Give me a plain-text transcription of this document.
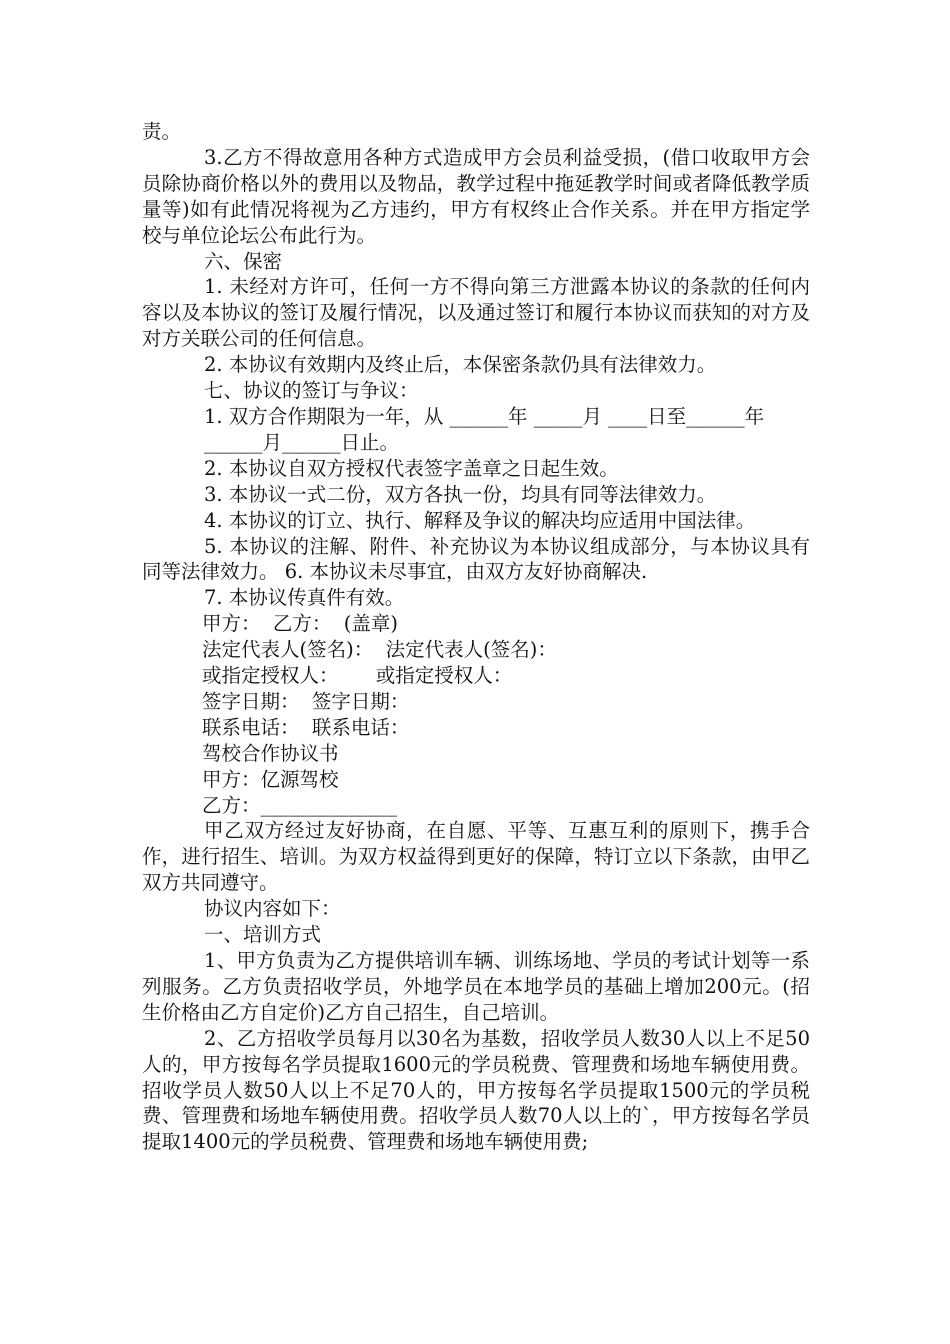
责。

3.乙方不得故意用各种方式造成甲方会员利益受损，(借口收取甲方会员除协商价格以外的费用以及物品，教学过程中拖延教学时间或者降低教学质量等)如有此情况将视为乙方违约，甲方有权终止合作关系。并在甲方指定学校与单位论坛公布此行为。

六、保密

1. 未经对方许可，任何一方不得向第三方泄露本协议的条款的任何内容以及本协议的签订及履行情况，以及通过签订和履行本协议而获知的对方及对方关联公司的任何信息。

2. 本协议有效期内及终止后，本保密条款仍具有法律效力。

七、协议的签订与争议：

1. 双方合作期限为一年，从 ______年 _____月 ____日至______年

______月______日止。

2. 本协议自双方授权代表签字盖章之日起生效。

3. 本协议一式二份，双方各执一份，均具有同等法律效力。

4. 本协议的订立、执行、解释及争议的解决均应适用中国法律。

5. 本协议的注解、附件、补充协议为本协议组成部分，与本协议具有同等法律效力。 6. 本协议未尽事宜，由双方友好协商解决.

7. 本协议传真件有效。

甲方：  乙方：  (盖章)

法定代表人(签名)：  法定代表人(签名)：

或指定授权人：      或指定授权人：

签字日期：  签字日期：

联系电话：  联系电话：

驾校合作协议书

甲方：亿源驾校

乙方：______________

甲乙双方经过友好协商，在自愿、平等、互惠互利的原则下，携手合作，进行招生、培训。为双方权益得到更好的保障，特订立以下条款，由甲乙双方共同遵守。

协议内容如下：

一、培训方式

1、甲方负责为乙方提供培训车辆、训练场地、学员的考试计划等一系列服务。乙方负责招收学员，外地学员在本地学员的基础上增加200元。(招生价格由乙方自定价)乙方自己招生，自己培训。

2、乙方招收学员每月以30名为基数，招收学员人数30人以上不足50人的，甲方按每名学员提取1600元的学员税费、管理费和场地车辆使用费。招收学员人数50人以上不足70人的，甲方按每名学员提取1500元的学员税费、管理费和场地车辆使用费。招收学员人数70人以上的`，甲方按每名学员提取1400元的学员税费、管理费和场地车辆使用费;
